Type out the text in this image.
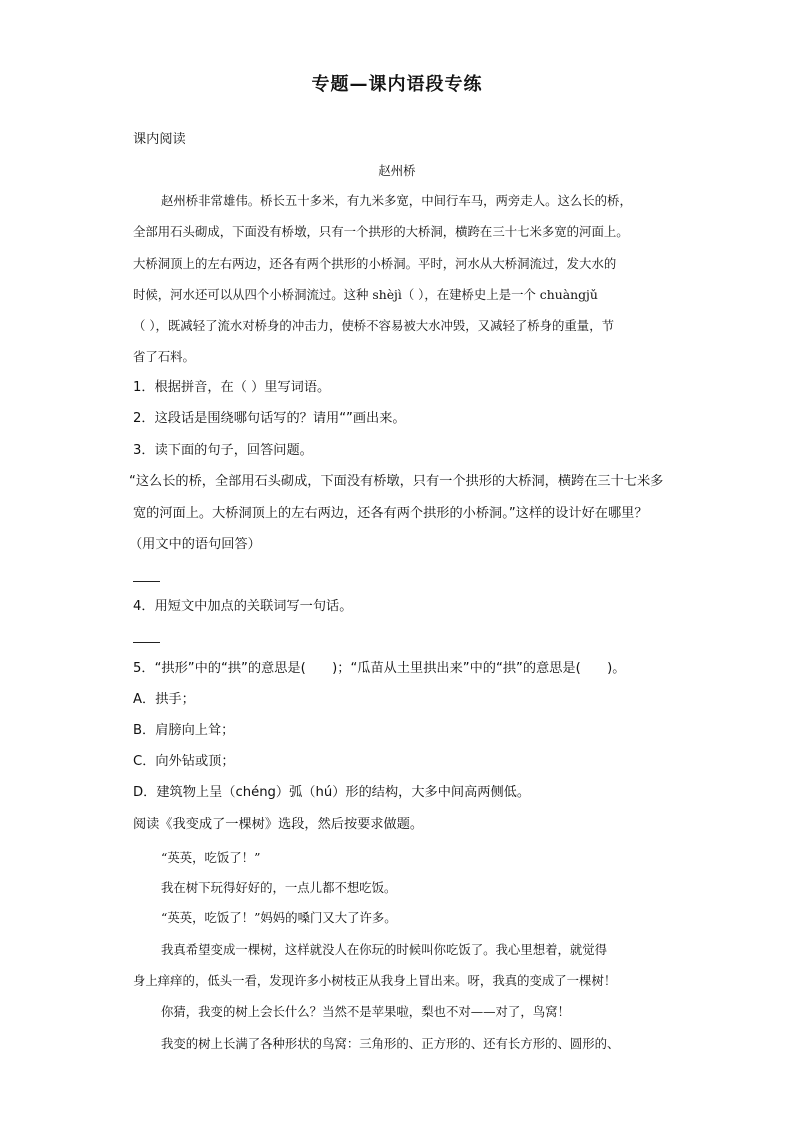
专题—课内语段专练
课内阅读
赵州桥
赵州桥非常雄伟。桥长五十多米，有九米多宽，中间行车马，两旁走人。这么长的桥，
全部用石头砌成，下面没有桥墩，只有一个拱形的大桥洞，横跨在三十七米多宽的河面上。
大桥洞顶上的左右两边，还各有两个拱形的小桥洞。平时，河水从大桥洞流过，发大水的
时候，河水还可以从四个小桥洞流过。这种 shèjì（ ），在建桥史上是一个 chuàngjǔ
（ ），既减轻了流水对桥身的冲击力，使桥不容易被大水冲毁，又减轻了桥身的重量，节
省了石料。
1．根据拼音，在（ ）里写词语。
2．这段话是围绕哪句话写的？请用“”画出来。
3．读下面的句子，回答问题。
“这么长的桥，全部用石头砌成，下面没有桥墩，只有一个拱形的大桥洞，横跨在三十七米多
宽的河面上。大桥洞顶上的左右两边，还各有两个拱形的小桥洞。”这样的设计好在哪里？
（用文中的语句回答）
4．用短文中加点的关联词写一句话。
5．“拱形”中的“拱”的意思是(　　)；“瓜苗从土里拱出来”中的“拱”的意思是(　　)。
A．拱手；
B．肩膀向上耸；
C．向外钻或顶；
D．建筑物上呈（chéng）弧（hú）形的结构，大多中间高两侧低。
阅读《我变成了一棵树》选段，然后按要求做题。
“英英，吃饭了！”
我在树下玩得好好的，一点儿都不想吃饭。
“英英，吃饭了！”妈妈的嗓门又大了许多。
我真希望变成一棵树，这样就没人在你玩的时候叫你吃饭了。我心里想着，就觉得
身上痒痒的，低头一看，发现许多小树枝正从我身上冒出来。呀，我真的变成了一棵树！
你猜，我变的树上会长什么？当然不是苹果啦，梨也不对——对了，鸟窝！
我变的树上长满了各种形状的鸟窝：三角形的、正方形的、还有长方形的、圆形的、
